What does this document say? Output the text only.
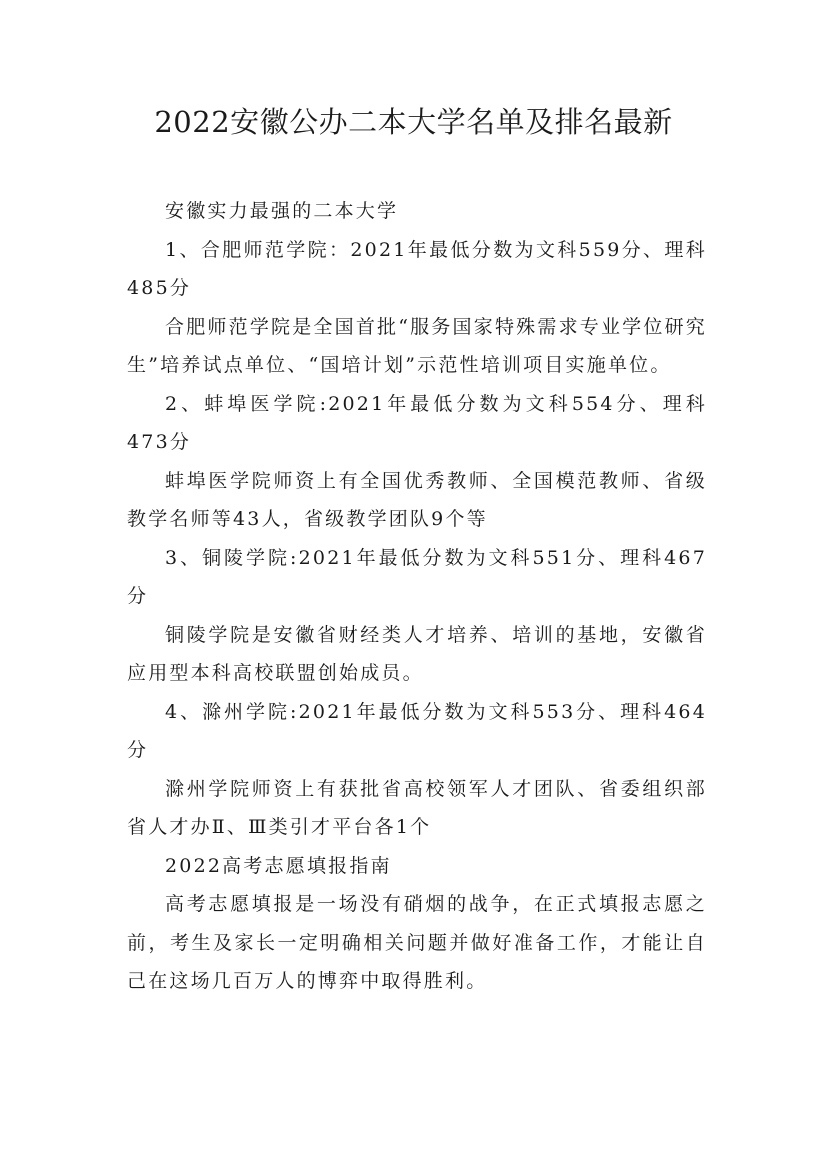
2022安徽公办二本大学名单及排名最新

安徽实力最强的二本大学

1、合肥师范学院：2021年最低分数为文科559分、理科485分

合肥师范学院是全国首批“服务国家特殊需求专业学位研究生”培养试点单位、“国培计划”示范性培训项目实施单位。

2、蚌埠医学院:2021年最低分数为文科554分、理科473分

蚌埠医学院师资上有全国优秀教师、全国模范教师、省级教学名师等43人，省级教学团队9个等

3、铜陵学院:2021年最低分数为文科551分、理科467分

铜陵学院是安徽省财经类人才培养、培训的基地，安徽省应用型本科高校联盟创始成员。

4、滁州学院:2021年最低分数为文科553分、理科464分

滁州学院师资上有获批省高校领军人才团队、省委组织部省人才办Ⅱ、Ⅲ类引才平台各1个

2022高考志愿填报指南

高考志愿填报是一场没有硝烟的战争，在正式填报志愿之前，考生及家长一定明确相关问题并做好准备工作，才能让自己在这场几百万人的博弈中取得胜利。
